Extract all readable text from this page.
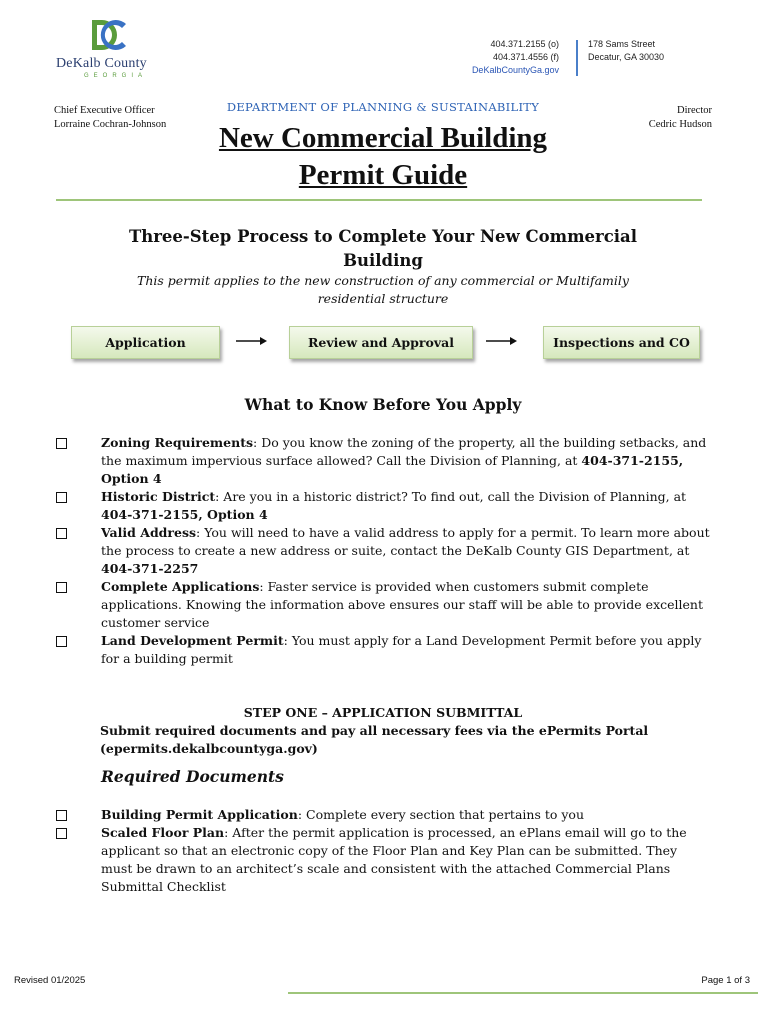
DeKalb County
GEORGIA
404.371.2155 (o)
404.371.4556 (f)
DeKalbCountyGa.gov
178 Sams Street
Decatur, GA 30030
Chief Executive Officer
Lorraine Cochran-Johnson
Director
Cedric Hudson
DEPARTMENT OF PLANNING & SUSTAINABILITY
New Commercial Building
Permit Guide
Three-Step Process to Complete Your New Commercial Building
This permit applies to the new construction of any commercial or Multifamily residential structure
Application	Review and Approval	Inspections and CO
What to Know Before You Apply
Zoning Requirements: Do you know the zoning of the property, all the building setbacks, and the maximum impervious surface allowed? Call the Division of Planning, at 404-371-2155, Option 4
Historic District: Are you in a historic district? To find out, call the Division of Planning, at 404-371-2155, Option 4
Valid Address: You will need to have a valid address to apply for a permit. To learn more about the process to create a new address or suite, contact the DeKalb County GIS Department, at 404-371-2257
Complete Applications: Faster service is provided when customers submit complete applications. Knowing the information above ensures our staff will be able to provide excellent customer service
Land Development Permit: You must apply for a Land Development Permit before you apply for a building permit
STEP ONE – APPLICATION SUBMITTAL
Submit required documents and pay all necessary fees via the ePermits Portal (epermits.dekalbcountyga.gov)
Required Documents
Building Permit Application: Complete every section that pertains to you
Scaled Floor Plan: After the permit application is processed, an ePlans email will go to the applicant so that an electronic copy of the Floor Plan and Key Plan can be submitted. They must be drawn to an architect’s scale and consistent with the attached Commercial Plans Submittal Checklist
Revised 01/2025	Page 1 of 3
